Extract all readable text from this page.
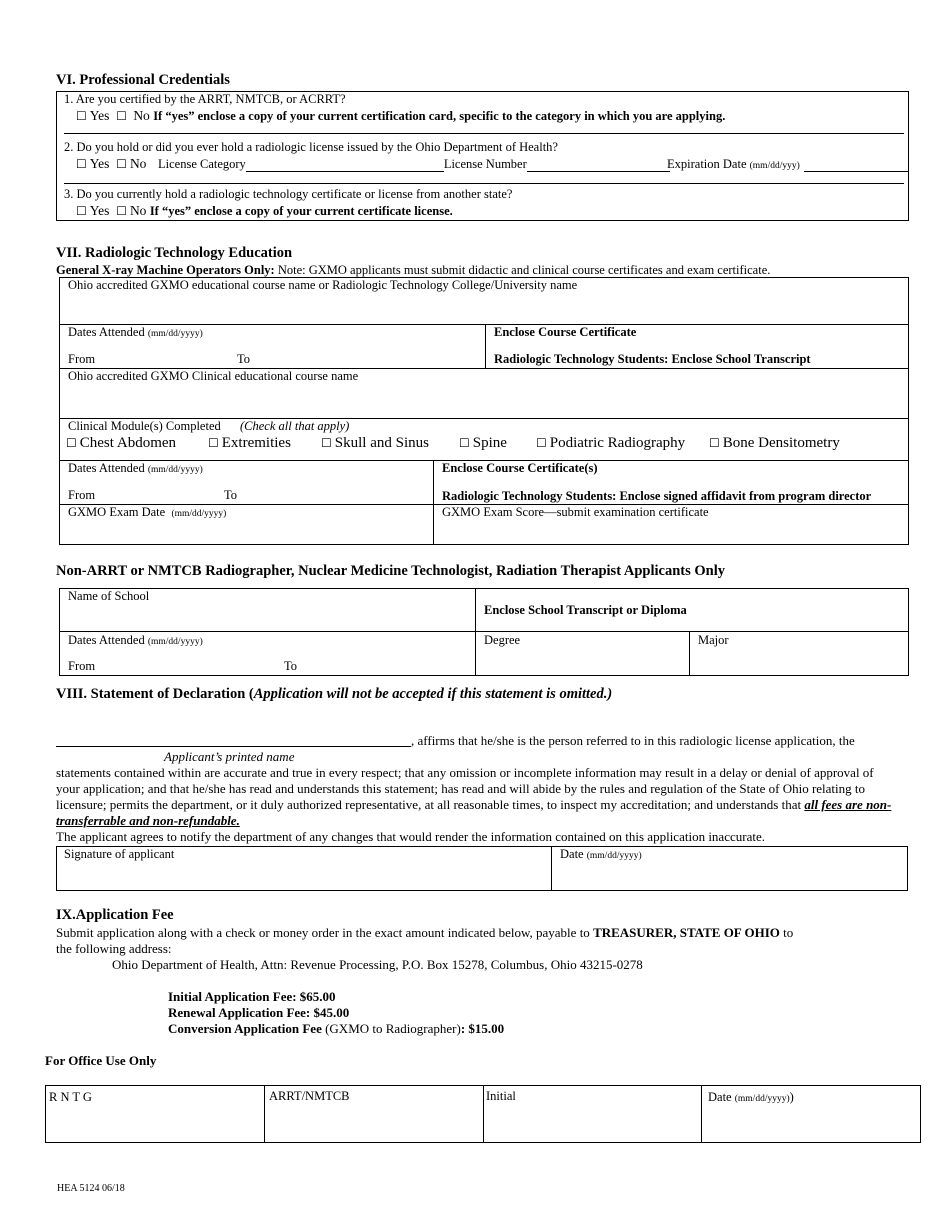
VI. Professional Credentials
1. Are you certified by the ARRT, NMTCB, or ACRRT?
☐ Yes ☐ No If “yes” enclose a copy of your current certification card, specific to the category in which you are applying.
2. Do you hold or did you ever hold a radiologic license issued by the Ohio Department of Health?
☐ Yes ☐ No License Category	License Number	Expiration Date (mm/dd/yyy)
3. Do you currently hold a radiologic technology certificate or license from another state?
☐ Yes ☐ No If “yes” enclose a copy of your current certificate license.
VII. Radiologic Technology Education
General X-ray Machine Operators Only: Note: GXMO applicants must submit didactic and clinical course certificates and exam certificate.
Ohio accredited GXMO educational course name or Radiologic Technology College/University name
Dates Attended (mm/dd/yyyy)
From	To
Enclose Course Certificate
Radiologic Technology Students: Enclose School Transcript
Ohio accredited GXMO Clinical educational course name
Clinical Module(s) Completed (Check all that apply)
☐ Chest Abdomen	☐ Extremities	☐ Skull and Sinus	☐ Spine ☐ Podiatric Radiography ☐ Bone Densitometry
Dates Attended (mm/dd/yyyy)
From	To
Enclose Course Certificate(s)
Radiologic Technology Students: Enclose signed affidavit from program director
GXMO Exam Date (mm/dd/yyyy)	GXMO Exam Score—submit examination certificate
Non-ARRT or NMTCB Radiographer, Nuclear Medicine Technologist, Radiation Therapist Applicants Only
Name of School
Enclose School Transcript or Diploma
Dates Attended (mm/dd/yyyy)
From	To
Degree	Major
VIII. Statement of Declaration (Application will not be accepted if this statement is omitted.)
, affirms that he/she is the person referred to in this radiologic license application, the
Applicant’s printed name
statements contained within are accurate and true in every respect; that any omission or incomplete information may result in a delay or denial of approval of your application; and that he/she has read and understands this statement; has read and will abide by the rules and regulation of the State of Ohio relating to licensure; permits the department, or it duly authorized representative, at all reasonable times, to inspect my accreditation; and understands that all fees are non-transferrable and non-refundable.
The applicant agrees to notify the department of any changes that would render the information contained on this application inaccurate.
Signature of applicant	Date (mm/dd/yyyy)
IX.Application Fee
Submit application along with a check or money order in the exact amount indicated below, payable to TREASURER, STATE OF OHIO to
the following address:
Ohio Department of Health, Attn: Revenue Processing, P.O. Box 15278, Columbus, Ohio 43215-0278
Initial Application Fee: $65.00
Renewal Application Fee: $45.00
Conversion Application Fee (GXMO to Radiographer): $15.00
For Office Use Only
R N T G	ARRT/NMTCB	Initial	Date (mm/dd/yyyy))
HEA 5124 06/18
